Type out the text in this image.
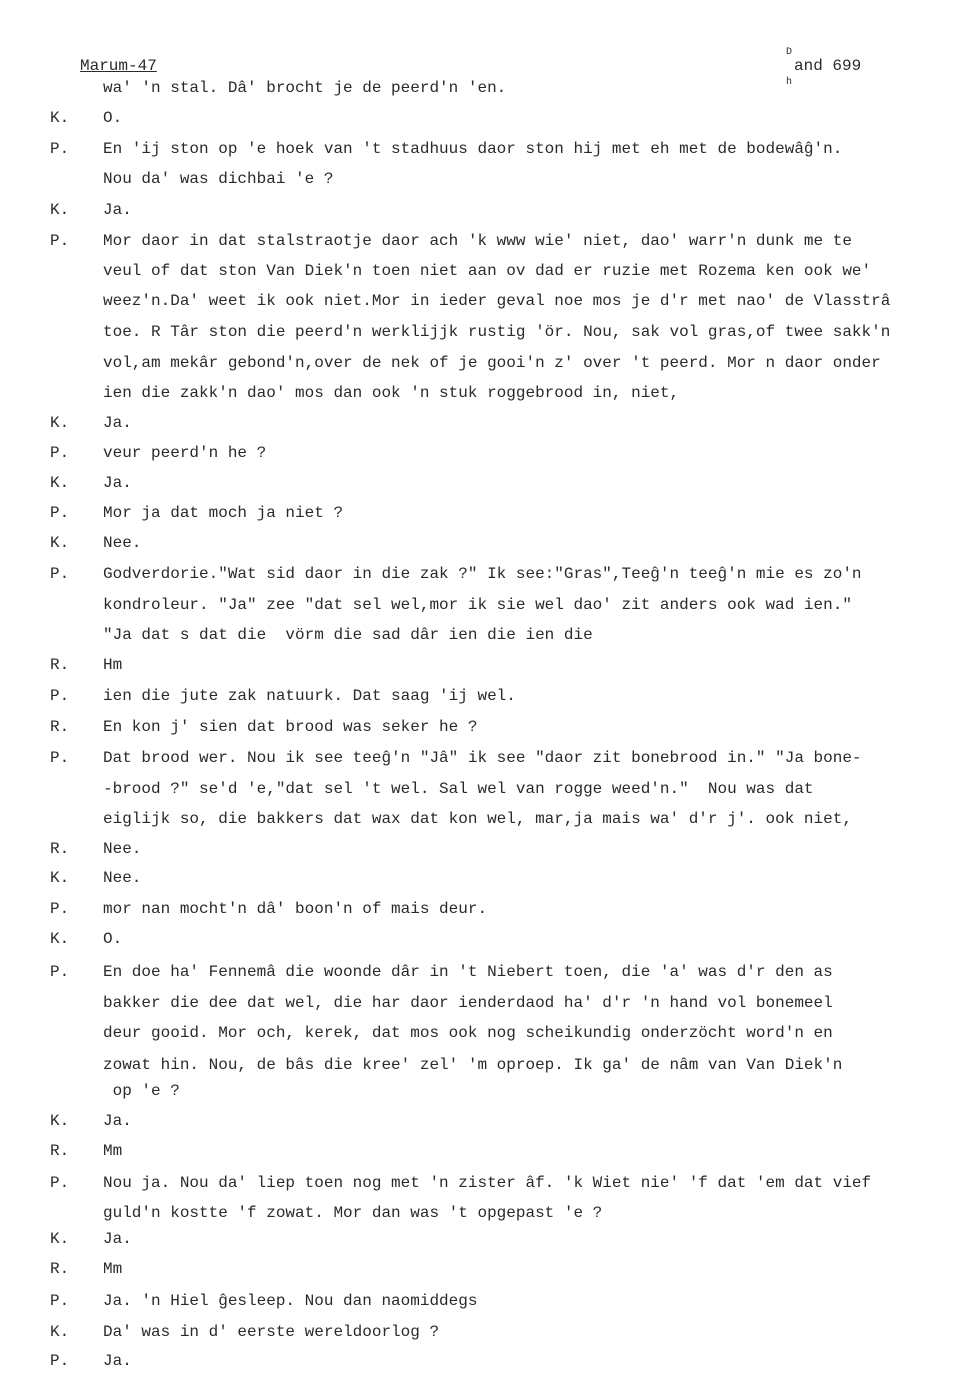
Marum-47
D
and 699
h
wa' 'n stal. Dâ' brocht je de peerd'n 'en.
K. O.
P. En 'ij ston op 'e hoek van 't stadhuus daor ston hij met eh met de bodewâĝ'n.
Nou da' was dichbai 'e ?
K. Ja.
P. Mor daor in dat stalstraotje daor ach 'k www wie' niet, dao' warr'n dunk me te
veul of dat ston Van Diek'n toen niet aan ov dad er ruzie met Rozema ken ook we'
weez'n.Da' weet ik ook niet.Mor in ieder geval noe mos je d'r met nao' de Vlasstrâ
toe. R Târ ston die peerd'n werklijjk rustig 'ör. Nou, sak vol gras,of twee sakk'n
vol,am mekâr gebond'n,over de nek of je gooi'n z' over 't peerd. Mor n daor onder
ien die zakk'n dao' mos dan ook 'n stuk roggebrood in, niet,
K. Ja.
P. veur peerd'n he ?
K. Ja.
P. Mor ja dat moch ja niet ?
K. Nee.
P. Godverdorie."Wat sid daor in die zak ?" Ik see:"Gras",Teeĝ'n teeĝ'n mie es zo'n
kondroleur. "Ja" zee "dat sel wel,mor ik sie wel dao' zit anders ook wad ien."
"Ja dat s dat die  vörm die sad dâr ien die ien die
R. Hm
P. ien die jute zak natuurk. Dat saag 'ij wel.
R. En kon j' sien dat brood was seker he ?
P. Dat brood wer. Nou ik see teeĝ'n "Jâ" ik see "daor zit bonebrood in." "Ja bone-
-brood ?" se'd 'e,"dat sel 't wel. Sal wel van rogge weed'n."  Nou was dat
eiglijk so, die bakkers dat wax dat kon wel, mar,ja mais wa' d'r j'. ook niet,
R. Nee.
K. Nee.
P. mor nan mocht'n dâ' boon'n of mais deur.
K. O.
P. En doe ha' Fennemâ die woonde dâr in 't Niebert toen, die 'a' was d'r den as
bakker die dee dat wel, die har daor ienderdaod ha' d'r 'n hand vol bonemeel
deur gooid. Mor och, kerek, dat mos ook nog scheikundig onderzöcht word'n en
zowat hin. Nou, de bâs die kree' zel' 'm oproep. Ik ga' de nâm van Van Diek'n
op 'e ?
K. Ja.
R. Mm
P. Nou ja. Nou da' liep toen nog met 'n zister âf. 'k Wiet nie' 'f dat 'em dat vief
guld'n kostte 'f zowat. Mor dan was 't opgepast 'e ?
K. Ja.
R. Mm
P. Ja. 'n Hiel ĝesleep. Nou dan naomiddegs
K. Da' was in d' eerste wereldoorlog ?
P. Ja.
